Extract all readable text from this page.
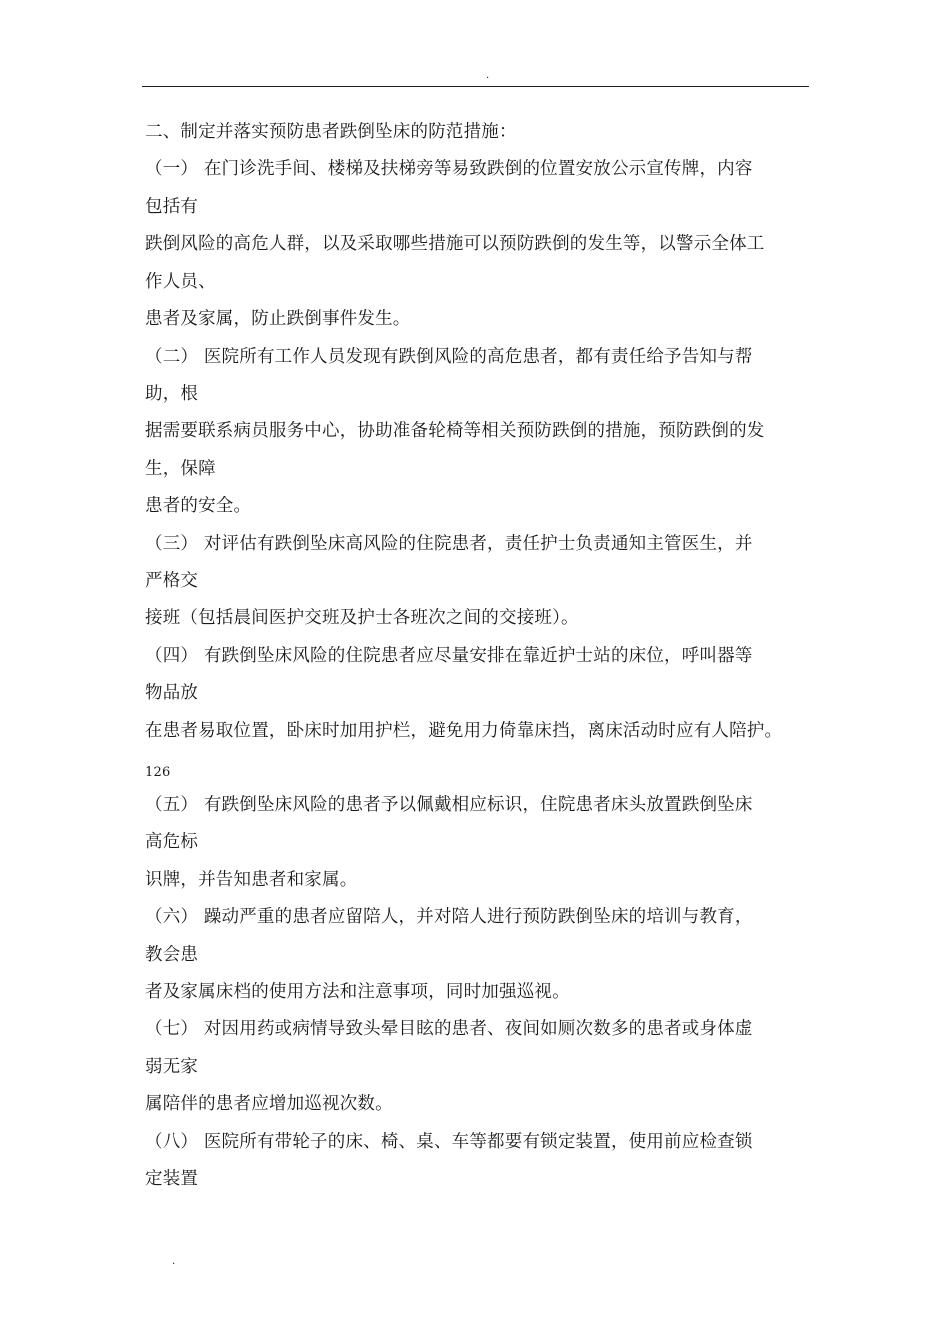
.
二、制定并落实预防患者跌倒坠床的防范措施：
（一） 在门诊洗手间、楼梯及扶梯旁等易致跌倒的位置安放公示宣传牌，内容
包括有
跌倒风险的高危人群，以及采取哪些措施可以预防跌倒的发生等，以警示全体工
作人员、
患者及家属，防止跌倒事件发生。
（二） 医院所有工作人员发现有跌倒风险的高危患者，都有责任给予告知与帮
助，根
据需要联系病员服务中心，协助准备轮椅等相关预防跌倒的措施，预防跌倒的发
生，保障
患者的安全。
（三） 对评估有跌倒坠床高风险的住院患者，责任护士负责通知主管医生，并
严格交
接班（包括晨间医护交班及护士各班次之间的交接班）。
（四） 有跌倒坠床风险的住院患者应尽量安排在靠近护士站的床位，呼叫器等
物品放
在患者易取位置，卧床时加用护栏，避免用力倚靠床挡，离床活动时应有人陪护。
126
（五） 有跌倒坠床风险的患者予以佩戴相应标识，住院患者床头放置跌倒坠床
高危标
识牌，并告知患者和家属。
（六） 躁动严重的患者应留陪人，并对陪人进行预防跌倒坠床的培训与教育，
教会患
者及家属床档的使用方法和注意事项，同时加强巡视。
（七） 对因用药或病情导致头晕目眩的患者、夜间如厕次数多的患者或身体虚
弱无家
属陪伴的患者应增加巡视次数。
（八） 医院所有带轮子的床、椅、桌、车等都要有锁定装置，使用前应检查锁
定装置
.
